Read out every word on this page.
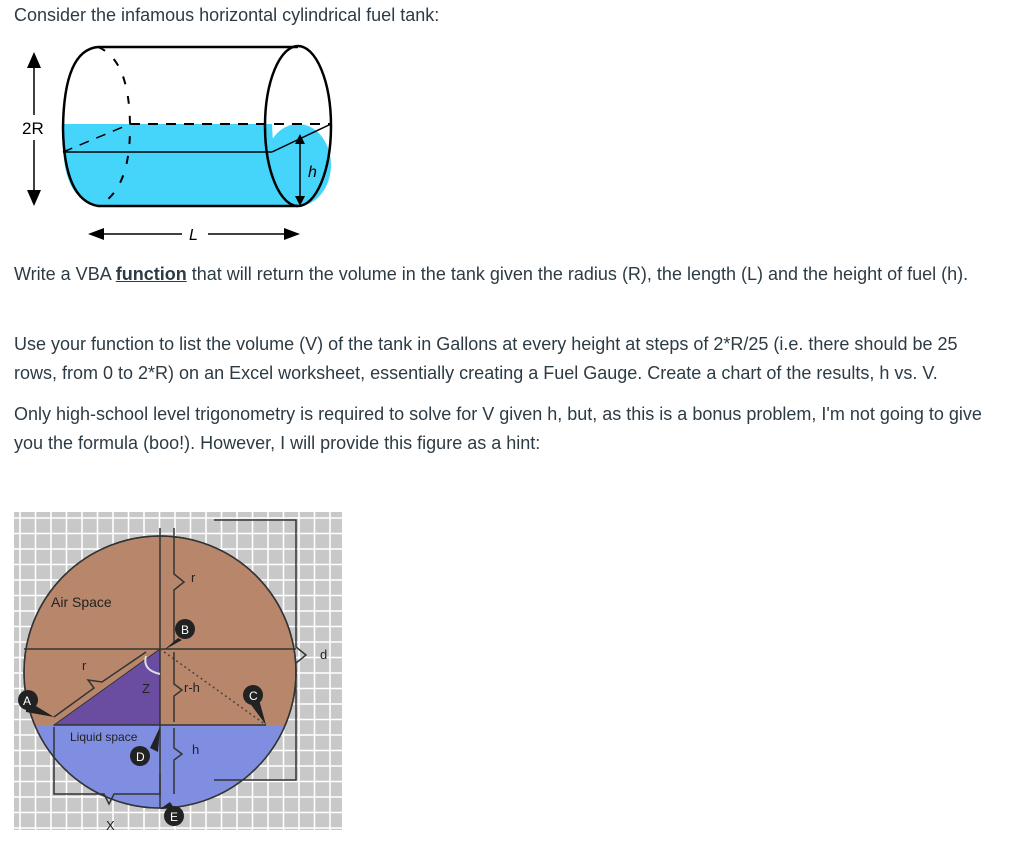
Consider the infamous horizontal cylindrical fuel tank:

h
2R
L

Write a VBA function that will return the volume in the tank given the radius (R), the length (L) and the height of fuel (h).

Use your function to list the volume (V) of the tank in Gallons at every height at steps of 2*R/25 (i.e. there should be 25 rows, from 0 to 2*R) on an Excel worksheet, essentially creating a Fuel Gauge. Create a chart of the results, h vs. V.

Only high-school level trigonometry is required to solve for V given h, but, as this is a bonus problem, I'm not going to give you the formula (boo!). However, I will provide this figure as a hint:

Z
r
r-h
h
d
r
X
Air Space
Liquid space
A
B
C
D
E
